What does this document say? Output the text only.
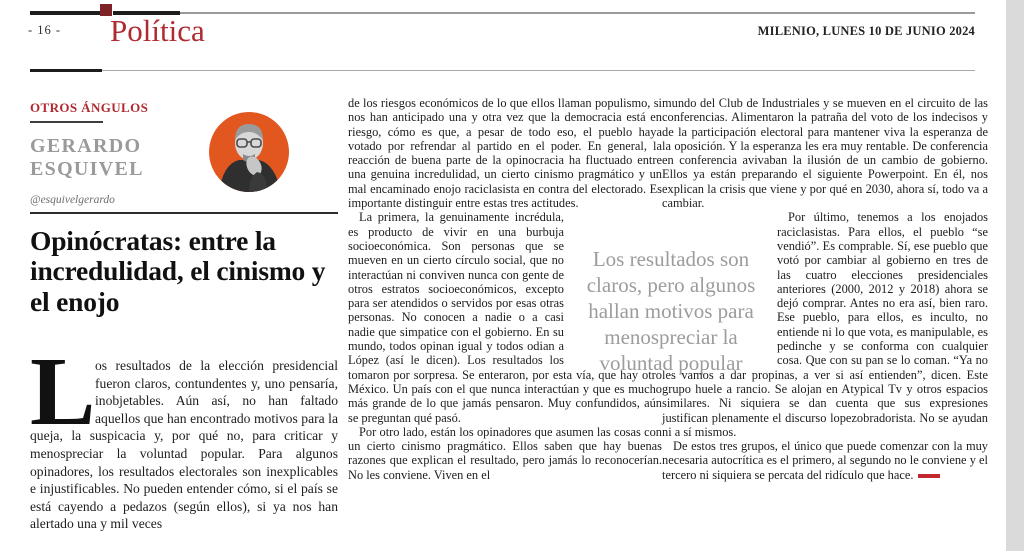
- 16 - Política	MILENIO, LUNES 10 DE JUNIO 2024
OTROS ÁNGULOS
GERARDO
ESQUIVEL
@esquivelgerardo
Opinócratas: entre la incredulidad, el cinismo y el enojo

L os resultados de la elección presidencial fueron claros, contundentes y, uno pensaría, inobjetables. Aún así, no han faltado aquellos que han encontrado motivos para la queja, la suspicacia y, por qué no, para criticar y menospreciar la voluntad popular. Para algunos opinadores, los resultados electorales son inexplicables e injustificables. No pueden entender cómo, si el país se está cayendo a pedazos (según ellos), si ya nos han alertado una y mil veces

de los riesgos económicos de lo que ellos llaman populismo, si nos han anticipado una y otra vez que la democracia está en riesgo, cómo es que, a pesar de todo eso, el pueblo haya votado por refrendar al partido en el poder. En general, la reacción de buena parte de la opinocracia ha fluctuado entre una genuina incredulidad, un cierto cinismo pragmático y un mal encaminado enojo raciclasista en contra del electorado. Es importante distinguir entre estas tres actitudes.

La primera, la genuinamente incrédula, es producto de vivir en una burbuja socioeconómica. Son personas que se mueven en un cierto círculo social, que no interactúan ni conviven nunca con gente de otros estratos socioeconómicos, excepto para ser atendidos o servidos por esas otras personas. No conocen a nadie o a casi nadie que simpatice con el gobierno. En su mundo, todos opinan igual y todos odian a López (así le dicen). Los resultados los tomaron por sorpresa. Se enteraron, por esta vía, que hay otro México. Un país con el que nunca interactúan y que es mucho más grande de lo que jamás pensaron. Muy confundidos, aún se preguntan qué pasó.

Por otro lado, están los opinadores que asumen las cosas con un cierto cinismo pragmático. Ellos saben que hay buenas razones que explican el resultado, pero jamás lo reconocerían. No les conviene. Viven en el

Los resultados son claros, pero algunos hallan motivos para menospreciar la voluntad popular

mundo del Club de Industriales y se mueven en el circuito de las conferencias. Alimentaron la patraña del voto de los indecisos y de la participación electoral para mantener viva la esperanza de la oposición. Y la esperanza les era muy rentable. De conferencia en conferencia avivaban la ilusión de un cambio de gobierno. Ellos ya están preparando el siguiente Powerpoint. En él, nos explican la crisis que viene y por qué en 2030, ahora sí, todo va a cambiar.

Por último, tenemos a los enojados raciclasistas. Para ellos, el pueblo “se vendió”. Es comprable. Sí, ese pueblo que votó por cambiar al gobierno en tres de las cuatro elecciones presidenciales anteriores (2000, 2012 y 2018) ahora se dejó comprar. Antes no era así, bien raro. Ese pueblo, para ellos, es inculto, no entiende ni lo que vota, es manipulable, es pedinche y se conforma con cualquier cosa. Que con su pan se lo coman. “Ya no les vamos a dar propinas, a ver si así entienden”, dicen. Este grupo huele a rancio. Se alojan en Atypical Tv y otros espacios similares. Ni siquiera se dan cuenta que sus expresiones justifican plenamente el discurso lopezobradorista. No se ayudan ni a sí mismos.

De estos tres grupos, el único que puede comenzar con la muy necesaria autocrítica es el primero, al segundo no le conviene y el tercero ni siquiera se percata del ridículo que hace.
